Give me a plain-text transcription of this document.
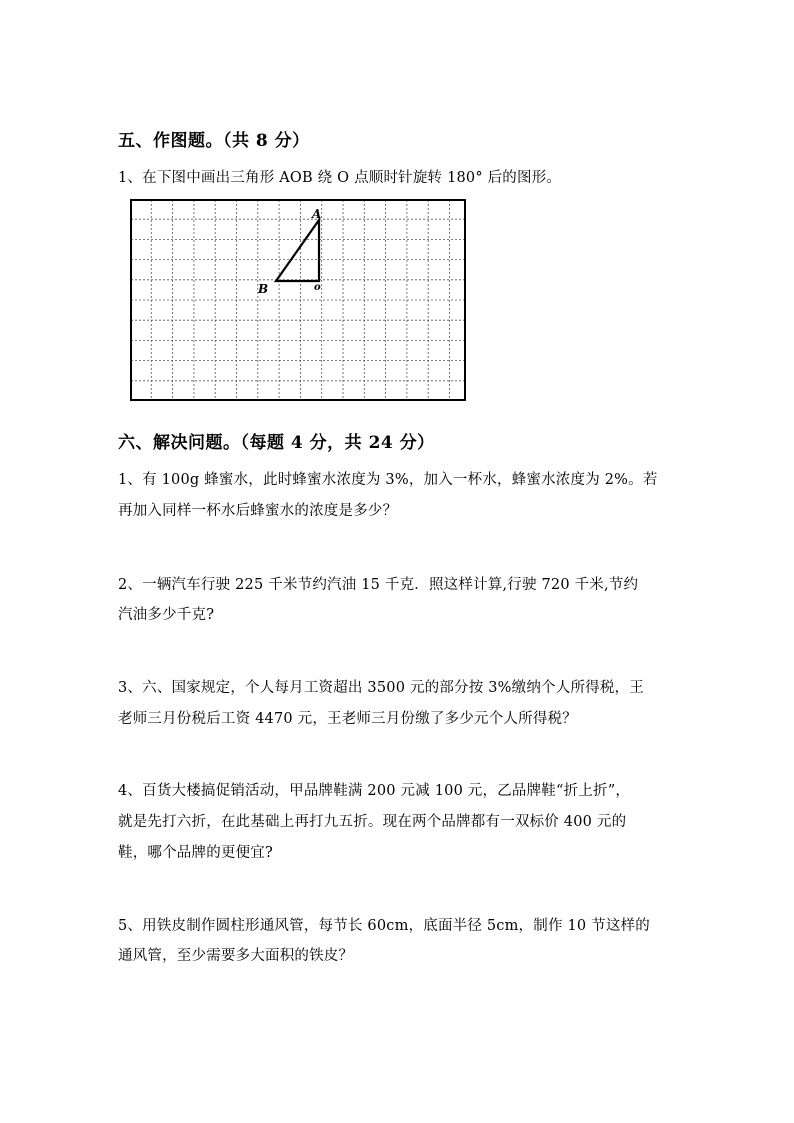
五、作图题。（共 8 分）
1、在下图中画出三角形 AOB 绕 O 点顺时针旋转 180° 后的图形。
A
B	o
六、解决问题。（每题 4 分，共 24 分）
1、有 100g 蜂蜜水，此时蜂蜜水浓度为 3%，加入一杯水，蜂蜜水浓度为 2%。若
再加入同样一杯水后蜂蜜水的浓度是多少？
2、一辆汽车行驶 225 千米节约汽油 15 千克．照这样计算,行驶 720 千米,节约
汽油多少千克?
3、六、国家规定，个人每月工资超出 3500 元的部分按 3%缴纳个人所得税，王
老师三月份税后工资 4470 元，王老师三月份缴了多少元个人所得税？
4、百货大楼搞促销活动，甲品牌鞋满 200 元减 100 元，乙品牌鞋“折上折”，
就是先打六折，在此基础上再打九五折。现在两个品牌都有一双标价 400 元的
鞋，哪个品牌的更便宜?
5、用铁皮制作圆柱形通风管，每节长 60cm，底面半径 5cm，制作 10 节这样的
通风管，至少需要多大面积的铁皮？
